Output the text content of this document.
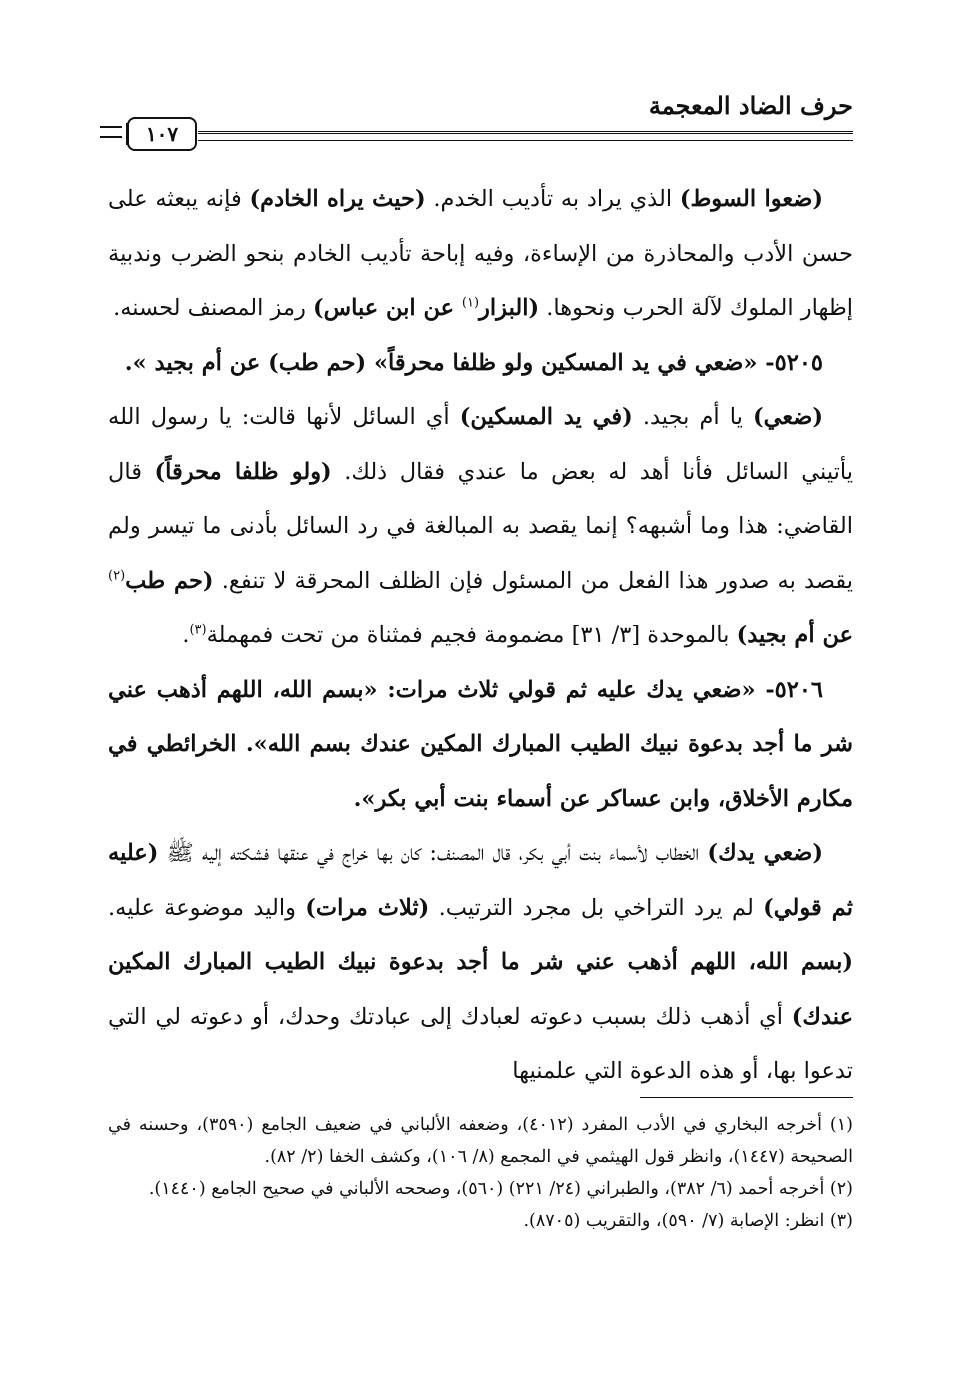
حرف الضاد المعجمة
١٠٧

(ضعوا السوط) الذي يراد به تأديب الخدم. (حيث يراه الخادم) فإنه يبعثه على حسن الأدب والمحاذرة من الإساءة، وفيه إباحة تأديب الخادم بنحو الضرب وندبية إظهار الملوك لآلة الحرب ونحوها. (البزار$^{(١)}$ عن ابن عباس) رمز المصنف لحسنه.

٥٢٠٥- «ضعي في يد المسكين ولو ظلفا محرقاً» (حم طب) عن أم بجيد ».

(ضعي) يا أم بجيد. (في يد المسكين) أي السائل لأنها قالت: يا رسول الله يأتيني السائل فأنا أهد له بعض ما عندي فقال ذلك. (ولو ظلفا محرقاً) قال القاضي: هذا وما أشبهه؟ إنما يقصد به المبالغة في رد السائل بأدنى ما تيسر ولم يقصد به صدور هذا الفعل من المسئول فإن الظلف المحرقة لا تنفع. (حم طب$^{(٢)}$ عن أم بجيد) بالموحدة [٣/ ٣١] مضمومة فجيم فمثناة من تحت فمهملة$^{(٣)}$.

٥٢٠٦- «ضعي يدك عليه ثم قولي ثلاث مرات: «بسم الله، اللهم أذهب عني شر ما أجد بدعوة نبيك الطيب المبارك المكين عندك بسم الله». الخرائطي في مكارم الأخلاق، وابن عساكر عن أسماء بنت أبي بكر».

(ضعي يدك) الخطاب لأسماء بنت أبي بكر، قال المصنف: كان بها خراج في عنقها فشكته إليه ﷺ (عليه ثم قولي) لم يرد التراخي بل مجرد الترتيب. (ثلاث مرات) واليد موضوعة عليه. (بسم الله، اللهم أذهب عني شر ما أجد بدعوة نبيك الطيب المبارك المكين عندك) أي أذهب ذلك بسبب دعوته لعبادك إلى عبادتك وحدك، أو دعوته لي التي تدعوا بها، أو هذه الدعوة التي علمنيها

(١) أخرجه البخاري في الأدب المفرد (٤٠١٢)، وضعفه الألباني في ضعيف الجامع (٣٥٩٠)، وحسنه في الصحيحة (١٤٤٧)، وانظر قول الهيثمي في المجمع (٨/ ١٠٦)، وكشف الخفا (٢/ ٨٢).

(٢) أخرجه أحمد (٦/ ٣٨٢)، والطبراني (٢٤/ ٢٢١) (٥٦٠)، وصححه الألباني في صحيح الجامع (١٤٤٠).

(٣) انظر: الإصابة (٧/ ٥٩٠)، والتقريب (٨٧٠٥).
